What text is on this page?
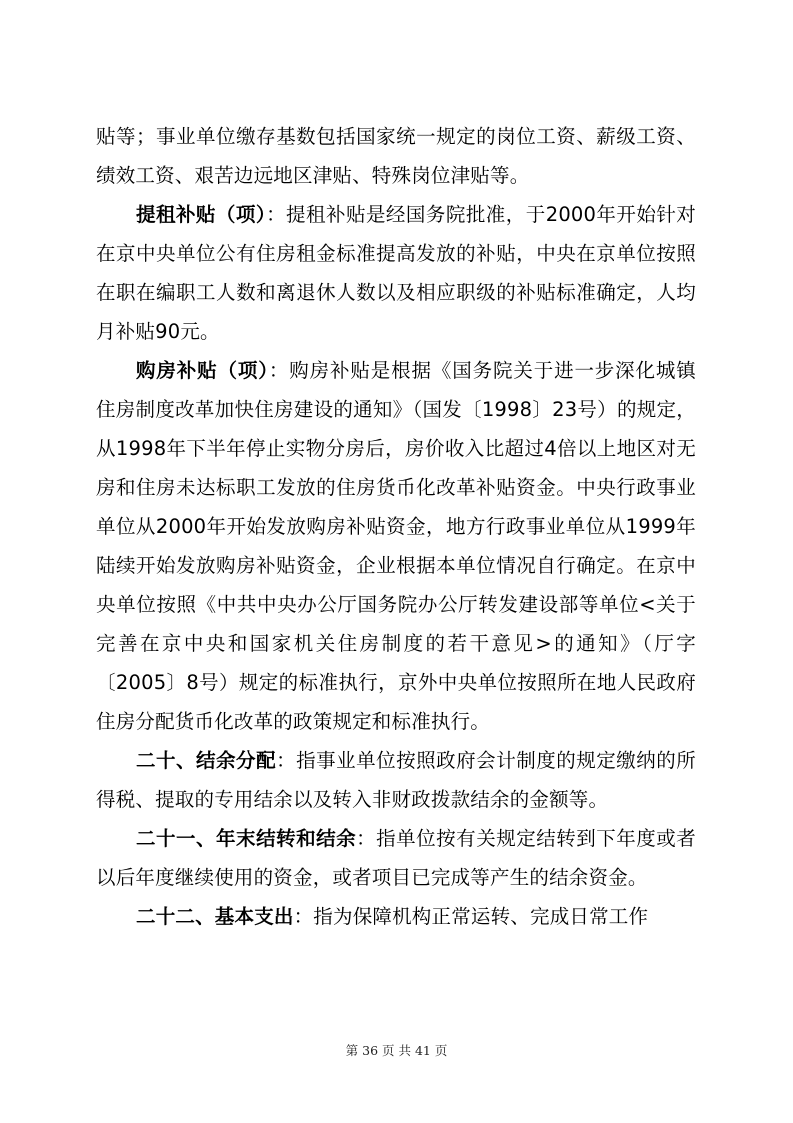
贴等；事业单位缴存基数包括国家统一规定的岗位工资、薪级工资、绩效工资、艰苦边远地区津贴、特殊岗位津贴等。

提租补贴（项）：提租补贴是经国务院批准，于2000年开始针对在京中央单位公有住房租金标准提高发放的补贴，中央在京单位按照在职在编职工人数和离退休人数以及相应职级的补贴标准确定，人均月补贴90元。

购房补贴（项）：购房补贴是根据《国务院关于进一步深化城镇住房制度改革加快住房建设的通知》（国发〔1998〕23号）的规定，从1998年下半年停止实物分房后，房价收入比超过4倍以上地区对无房和住房未达标职工发放的住房货币化改革补贴资金。中央行政事业单位从2000年开始发放购房补贴资金，地方行政事业单位从1999年陆续开始发放购房补贴资金，企业根据本单位情况自行确定。在京中央单位按照《中共中央办公厅国务院办公厅转发建设部等单位<关于完善在京中央和国家机关住房制度的若干意见>的通知》（厅字〔2005〕8号）规定的标准执行，京外中央单位按照所在地人民政府住房分配货币化改革的政策规定和标准执行。

二十、结余分配：指事业单位按照政府会计制度的规定缴纳的所得税、提取的专用结余以及转入非财政拨款结余的金额等。

二十一、年末结转和结余：指单位按有关规定结转到下年度或者以后年度继续使用的资金，或者项目已完成等产生的结余资金。

二十二、基本支出：指为保障机构正常运转、完成日常工作

第 36 页 共 41 页
